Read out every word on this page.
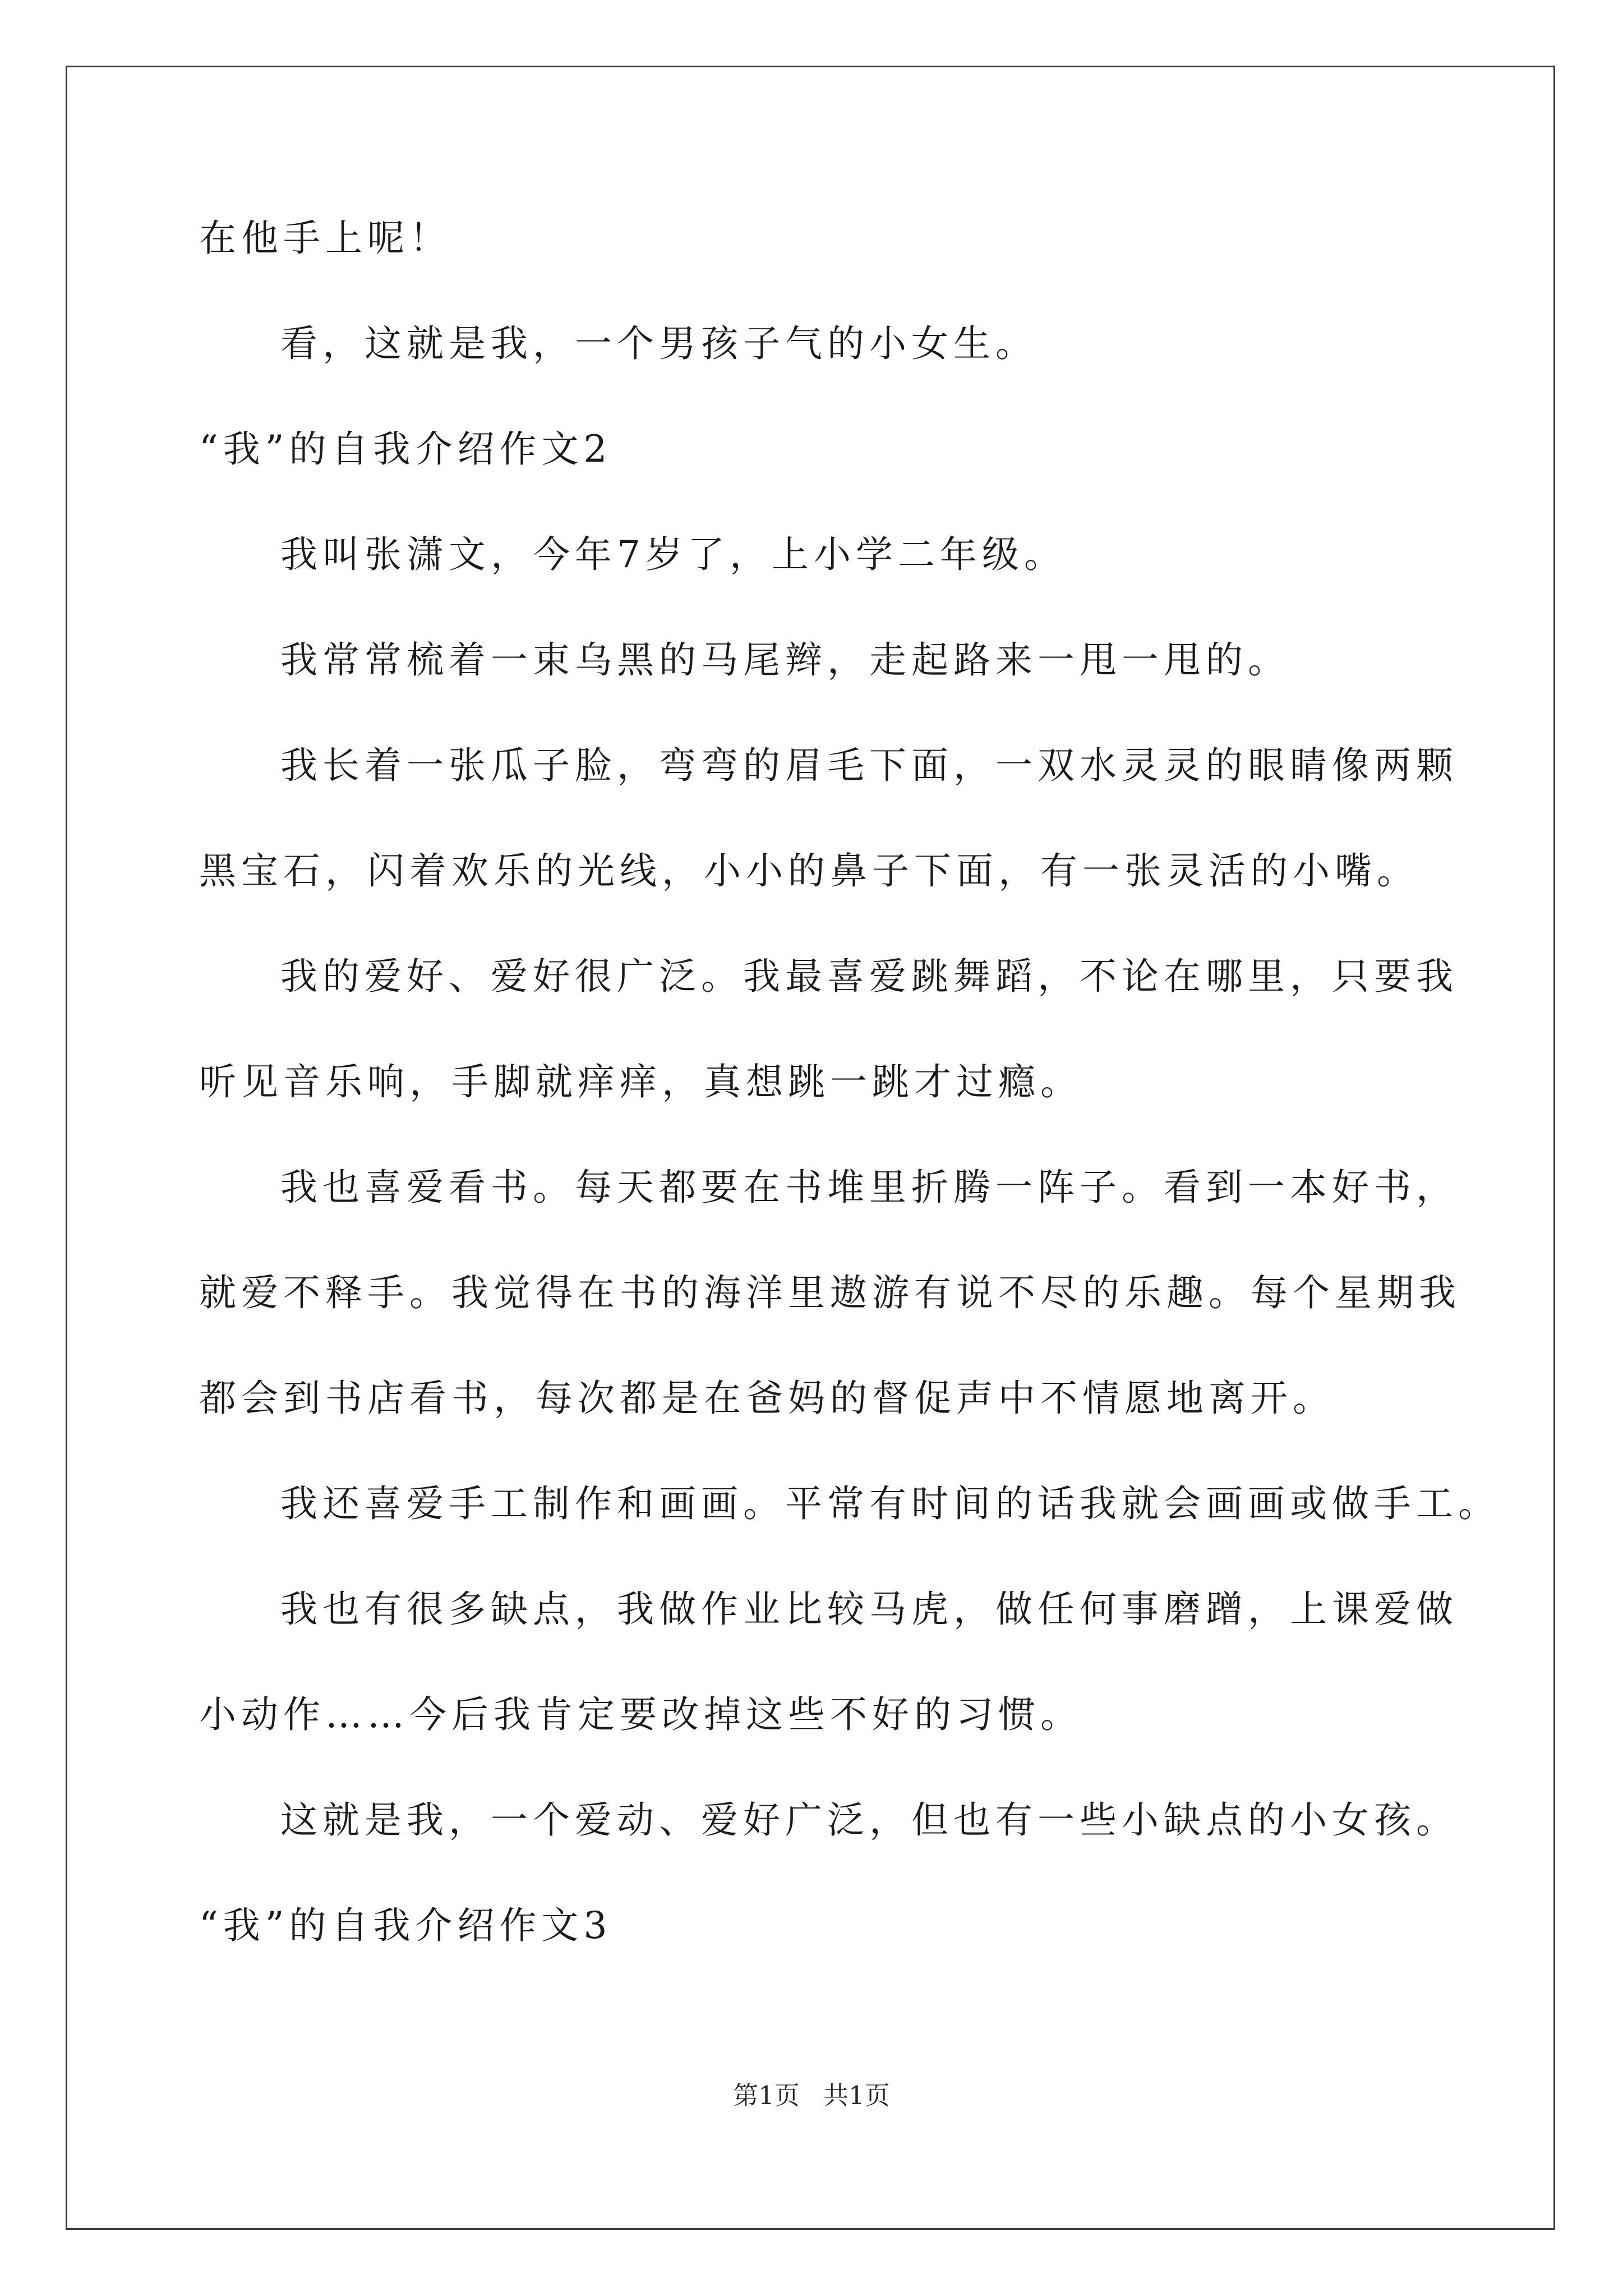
在他手上呢！
看，这就是我，一个男孩子气的小女生。
“我”的自我介绍作文2
我叫张潇文，今年7岁了，上小学二年级。
我常常梳着一束乌黑的马尾辫，走起路来一甩一甩的。
我长着一张瓜子脸，弯弯的眉毛下面，一双水灵灵的眼睛像两颗
黑宝石，闪着欢乐的光线，小小的鼻子下面，有一张灵活的小嘴。
我的爱好、爱好很广泛。我最喜爱跳舞蹈，不论在哪里，只要我
听见音乐响，手脚就痒痒，真想跳一跳才过瘾。
我也喜爱看书。每天都要在书堆里折腾一阵子。看到一本好书，
就爱不释手。我觉得在书的海洋里遨游有说不尽的乐趣。每个星期我
都会到书店看书，每次都是在爸妈的督促声中不情愿地离开。
我还喜爱手工制作和画画。平常有时间的话我就会画画或做手工。
我也有很多缺点，我做作业比较马虎，做任何事磨蹭，上课爱做
小动作……今后我肯定要改掉这些不好的习惯。
这就是我，一个爱动、爱好广泛，但也有一些小缺点的小女孩。
“我”的自我介绍作文3
第1页 共1页
